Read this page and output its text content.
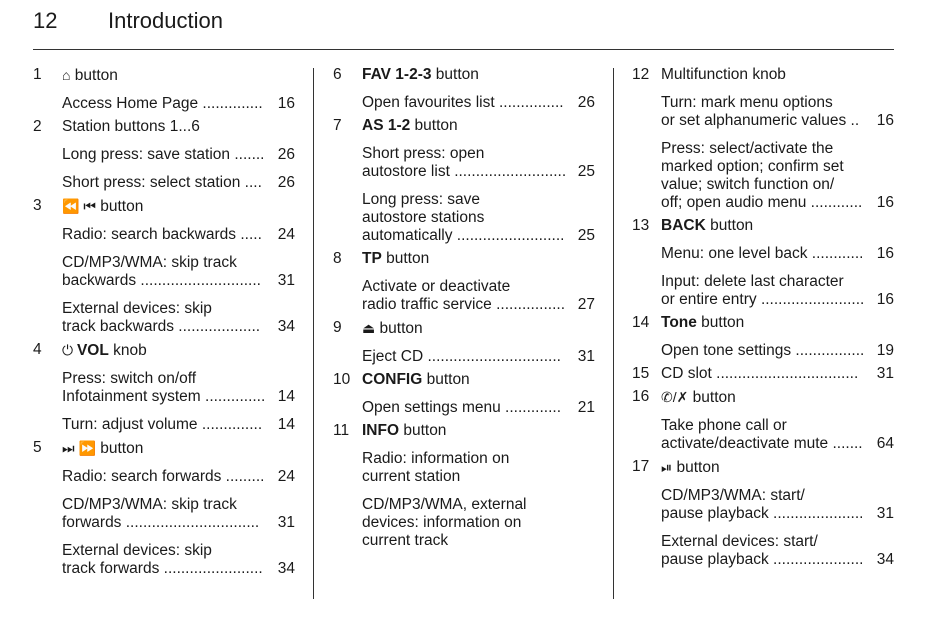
12 Introduction
1 ⌂ button
Access Home Page .............. 16
2 Station buttons 1...6
Long press: save station ....... 26
Short press: select station ....	26
3 ⏪ ⏮ button
Radio: search backwards .....	24
CD/MP3/WMA: skip track
backwards ............................	31
External devices: skip
track backwards ...................	34
4 ⏻ VOL knob
Press: switch on/off
Infotainment system .............. 14
Turn: adjust volume ..............	14
5 ⏭ ⏩ button
Radio: search forwards ......... 24
CD/MP3/WMA: skip track
forwards ...............................	31
External devices: skip
track forwards ....................... 34
6 FAV 1-2-3 button
Open favourites list ............... 26
7 AS 1-2 button
Short press: open
autostore list .......................... 25
Long press: save
autostore stations
automatically ......................... 25
8 TP button
Activate or deactivate
radio traffic service ................ 27
9 ⏏ button
Eject CD ...............................	31
10 CONFIG button
Open settings menu .............	21
11 INFO button
Radio: information on
current station
CD/MP3/WMA, external
devices: information on
current track
12 Multifunction knob
Turn: mark menu options
or set alphanumeric values ..	16
Press: select/activate the
marked option; confirm set
value; switch function on/
off; open audio menu ............ 16
13 BACK button
Menu: one level back ............ 16
Input: delete last character
or entire entry ........................ 16
14 Tone button
Open tone settings ................ 19
15 CD slot ................................. 31
16 ✆/✗ button
Take phone call or
activate/deactivate mute ....... 64
17 ⏯ button
CD/MP3/WMA: start/
pause playback ..................... 31
External devices: start/
pause playback ..................... 34
